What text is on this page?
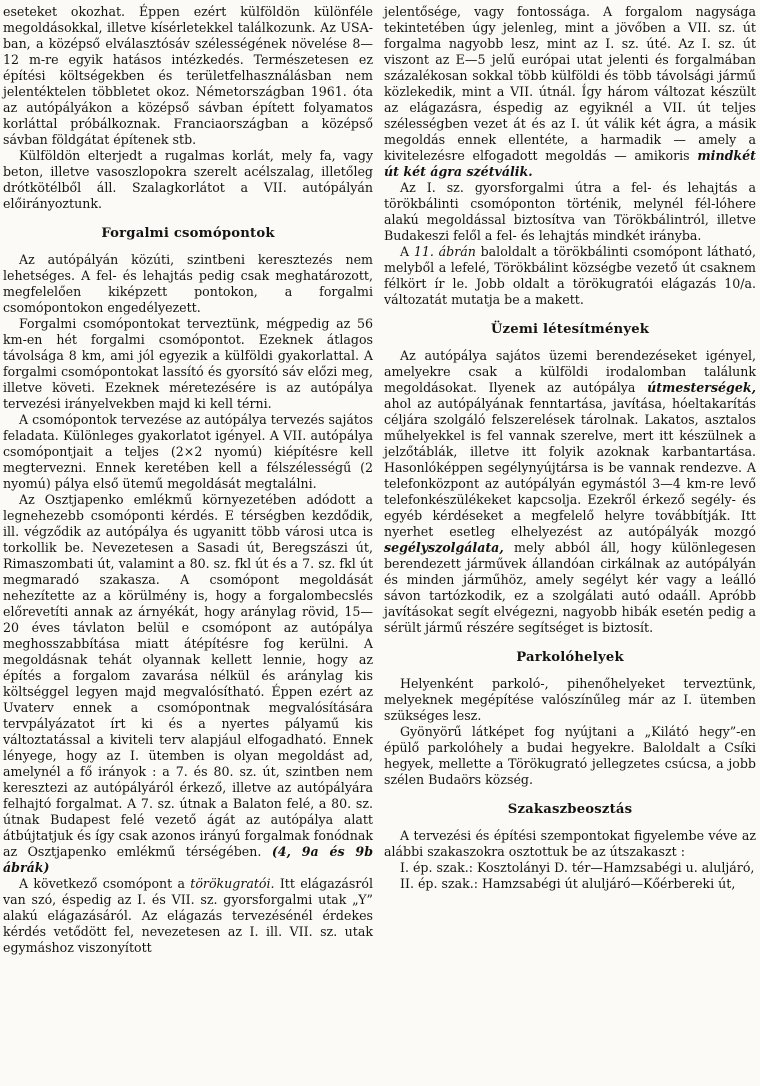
eseteket okozhat. Éppen ezért külföldön különféle megoldásokkal, illetve kísérletekkel találkozunk. Az USA-ban, a középső elválasztósáv szélességének növelése 8—12 m-re egyik hatásos intézkedés. Természetesen ez építési költségekben és területfelhasználásban nem jelentéktelen többletet okoz. Németországban 1961. óta az autópályákon a középső sávban épített folyamatos korláttal próbálkoznak. Franciaországban a középső sávban földgátat építenek stb.

Külföldön elterjedt a rugalmas korlát, mely fa, vagy beton, illetve vasoszlopokra szerelt acélszalag, illetőleg drótkötélből áll. Szalagkorlátot a VII. autópályán előirányoztunk.

Forgalmi csomópontok

Az autópályán közúti, szintbeni keresztezés nem lehetséges. A fel- és lehajtás pedig csak meghatározott, megfelelően kiképzett pontokon, a forgalmi csomópontokon engedélyezett.

Forgalmi csomópontokat terveztünk, mégpedig az 56 km-en hét forgalmi csomópontot. Ezeknek átlagos távolsága 8 km, ami jól egyezik a külföldi gyakorlattal. A forgalmi csomópontokat lassító és gyorsító sáv előzi meg, illetve követi. Ezeknek méretezésére is az autópálya tervezési irányelvekben majd ki kell térni.

A csomópontok tervezése az autópálya tervezés sajátos feladata. Különleges gyakorlatot igényel. A VII. autópálya csomópontjait a teljes (2×2 nyomú) kiépítésre kell megtervezni. Ennek keretében kell a félszélességű (2 nyomú) pálya első ütemű megoldását megtalálni.

Az Osztjapenko emlékmű környezetében adódott a legnehezebb csomóponti kérdés. E térségben kezdődik, ill. végződik az autópálya és ugyanitt több városi utca is torkollik be. Nevezetesen a Sasadi út, Beregszászi út, Rimaszombati út, valamint a 80. sz. fkl út és a 7. sz. fkl út megmaradó szakasza. A csomópont megoldását nehezítette az a körülmény is, hogy a forgalombecslés előrevetíti annak az árnyékát, hogy aránylag rövid, 15—20 éves távlaton belül e csomópont az autópálya meghosszabbítása miatt átépítésre fog kerülni. A megoldásnak tehát olyannak kellett lennie, hogy az építés a forgalom zavarása nélkül és aránylag kis költséggel legyen majd megvalósítható. Éppen ezért az Uvaterv ennek a csomópontnak megvalósítására tervpályázatot írt ki és a nyertes pályamű kis változtatással a kiviteli terv alapjául elfogadható. Ennek lényege, hogy az I. ütemben is olyan megoldást ad, amelynél a fő irányok : a 7. és 80. sz. út, szintben nem keresztezi az autópályáról érkező, illetve az autópályára felhajtó forgalmat. A 7. sz. útnak a Balaton felé, a 80. sz. útnak Budapest felé vezető ágát az autópálya alatt átbújtatjuk és így csak azonos irányú forgalmak fonódnak az Osztjapenko emlékmű térségében. (4, 9a és 9b ábrák)

A következő csomópont a törökugratói. Itt elágazásról van szó, éspedig az I. és VII. sz. gyorsforgalmi utak „Y” alakú elágazásáról. Az elágazás tervezésénél érdekes kérdés vetődött fel, nevezetesen az I. ill. VII. sz. utak egymáshoz viszonyított

jelentősége, vagy fontossága. A forgalom nagysága tekintetében úgy jelenleg, mint a jövőben a VII. sz. út forgalma nagyobb lesz, mint az I. sz. úté. Az I. sz. út viszont az E—5 jelű európai utat jelenti és forgalmában százalékosan sokkal több külföldi és több távolsági jármű közlekedik, mint a VII. útnál. Így három változat készült az elágazásra, éspedig az egyiknél a VII. út teljes szélességben vezet át és az I. út válik két ágra, a másik megoldás ennek ellentéte, a harmadik — amely a kivitelezésre elfogadott megoldás — amikoris mindkét út két ágra szétválik.

Az I. sz. gyorsforgalmi útra a fel- és lehajtás a törökbálinti csomóponton történik, melynél fél-lóhere alakú megoldással biztosítva van Törökbálintról, illetve Budakeszi felől a fel- és lehajtás mindkét irányba.

A 11. ábrán baloldalt a törökbálinti csomópont látható, melyből a lefelé, Törökbálint községbe vezető út csaknem félkört ír le. Jobb oldalt a törökugratói elágazás 10/a. változatát mutatja be a makett.

Üzemi létesítmények

Az autópálya sajátos üzemi berendezéseket igényel, amelyekre csak a külföldi irodalomban találunk megoldásokat. Ilyenek az autópálya útmesterségek, ahol az autópályának fenntartása, javítása, hóeltakarítás céljára szolgáló felszerelések tárolnak. Lakatos, asztalos műhelyekkel is fel vannak szerelve, mert itt készülnek a jelzőtáblák, illetve itt folyik azoknak karbantartása. Hasonlóképpen segélynyújtársa is be vannak rendezve. A telefonközpont az autópályán egymástól 3—4 km-re levő telefonkészülékeket kapcsolja. Ezekről érkező segély- és egyéb kérdéseket a megfelelő helyre továbbítják. Itt nyerhet esetleg elhelyezést az autópályák mozgó segélyszolgálata, mely abból áll, hogy különlegesen berendezett járművek állandóan cirkálnak az autópályán és minden járműhöz, amely segélyt kér vagy a leálló sávon tartózkodik, ez a szolgálati autó odaáll. Apróbb javításokat segít elvégezni, nagyobb hibák esetén pedig a sérült jármű részére segítséget is biztosít.

Parkolóhelyek

Helyenként parkoló-, pihenőhelyeket terveztünk, melyeknek megépítése valószínűleg már az I. ütemben szükséges lesz.

Gyönyörű látképet fog nyújtani a „Kilátó hegy”-en épülő parkolóhely a budai hegyekre. Baloldalt a Csíki hegyek, mellette a Törökugrató jellegzetes csúcsa, a jobb szélen Budaörs község.

Szakaszbeosztás

A tervezési és építési szempontokat figyelembe véve az alábbi szakaszokra osztottuk be az útszakaszt :

I. ép. szak.: Kosztolányi D. tér—Hamzsabégi u. aluljáró,

II. ép. szak.: Hamzsabégi út aluljáró—Kőérbereki út,
